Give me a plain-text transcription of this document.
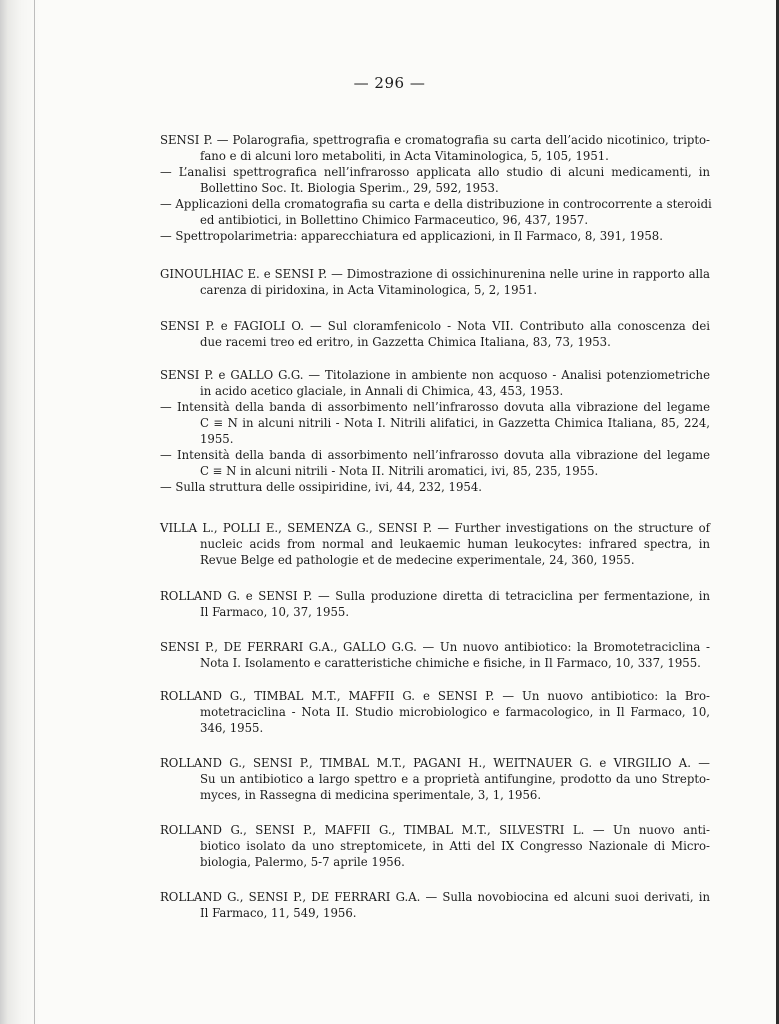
— 296 —
SENSI P. — Polarografia, spettrografia e cromatografia su carta dell’acido nicotinico, tripto-
fano e di alcuni loro metaboliti, in Acta Vitaminologica, 5, 105, 1951.
— L’analisi spettrografica nell’infrarosso applicata allo studio di alcuni medicamenti, in
Bollettino Soc. It. Biologia Sperim., 29, 592, 1953.
— Applicazioni della cromatografia su carta e della distribuzione in controcorrente a steroidi
ed antibiotici, in Bollettino Chimico Farmaceutico, 96, 437, 1957.
— Spettropolarimetria: apparecchiatura ed applicazioni, in Il Farmaco, 8, 391, 1958.
GINOULHIAC E. e SENSI P. — Dimostrazione di ossichinurenina nelle urine in rapporto alla
carenza di piridoxina, in Acta Vitaminologica, 5, 2, 1951.
SENSI P. e FAGIOLI O. — Sul cloramfenicolo - Nota VII. Contributo alla conoscenza dei
due racemi treo ed eritro, in Gazzetta Chimica Italiana, 83, 73, 1953.
SENSI P. e GALLO G.G. — Titolazione in ambiente non acquoso - Analisi potenziometriche
in acido acetico glaciale, in Annali di Chimica, 43, 453, 1953.
— Intensità della banda di assorbimento nell’infrarosso dovuta alla vibrazione del legame
C ≡ N in alcuni nitrili - Nota I. Nitrili alifatici, in Gazzetta Chimica Italiana, 85, 224,
1955.
— Intensità della banda di assorbimento nell’infrarosso dovuta alla vibrazione del legame
C ≡ N in alcuni nitrili - Nota II. Nitrili aromatici, ivi, 85, 235, 1955.
— Sulla struttura delle ossipiridine, ivi, 44, 232, 1954.
VILLA L., POLLI E., SEMENZA G., SENSI P. — Further investigations on the structure of
nucleic acids from normal and leukaemic human leukocytes: infrared spectra, in
Revue Belge ed pathologie et de medecine experimentale, 24, 360, 1955.
ROLLAND G. e SENSI P. — Sulla produzione diretta di tetraciclina per fermentazione, in
Il Farmaco, 10, 37, 1955.
SENSI P., DE FERRARI G.A., GALLO G.G. — Un nuovo antibiotico: la Bromotetraciclina -
Nota I. Isolamento e caratteristiche chimiche e fisiche, in Il Farmaco, 10, 337, 1955.
ROLLAND G., TIMBAL M.T., MAFFII G. e SENSI P. — Un nuovo antibiotico: la Bro-
motetraciclina - Nota II. Studio microbiologico e farmacologico, in Il Farmaco, 10,
346, 1955.
ROLLAND G., SENSI P., TIMBAL M.T., PAGANI H., WEITNAUER G. e VIRGILIO A. —
Su un antibiotico a largo spettro e a proprietà antifungine, prodotto da uno Strepto-
myces, in Rassegna di medicina sperimentale, 3, 1, 1956.
ROLLAND G., SENSI P., MAFFII G., TIMBAL M.T., SILVESTRI L. — Un nuovo anti-
biotico isolato da uno streptomicete, in Atti del IX Congresso Nazionale di Micro-
biologia, Palermo, 5-7 aprile 1956.
ROLLAND G., SENSI P., DE FERRARI G.A. — Sulla novobiocina ed alcuni suoi derivati, in
Il Farmaco, 11, 549, 1956.
